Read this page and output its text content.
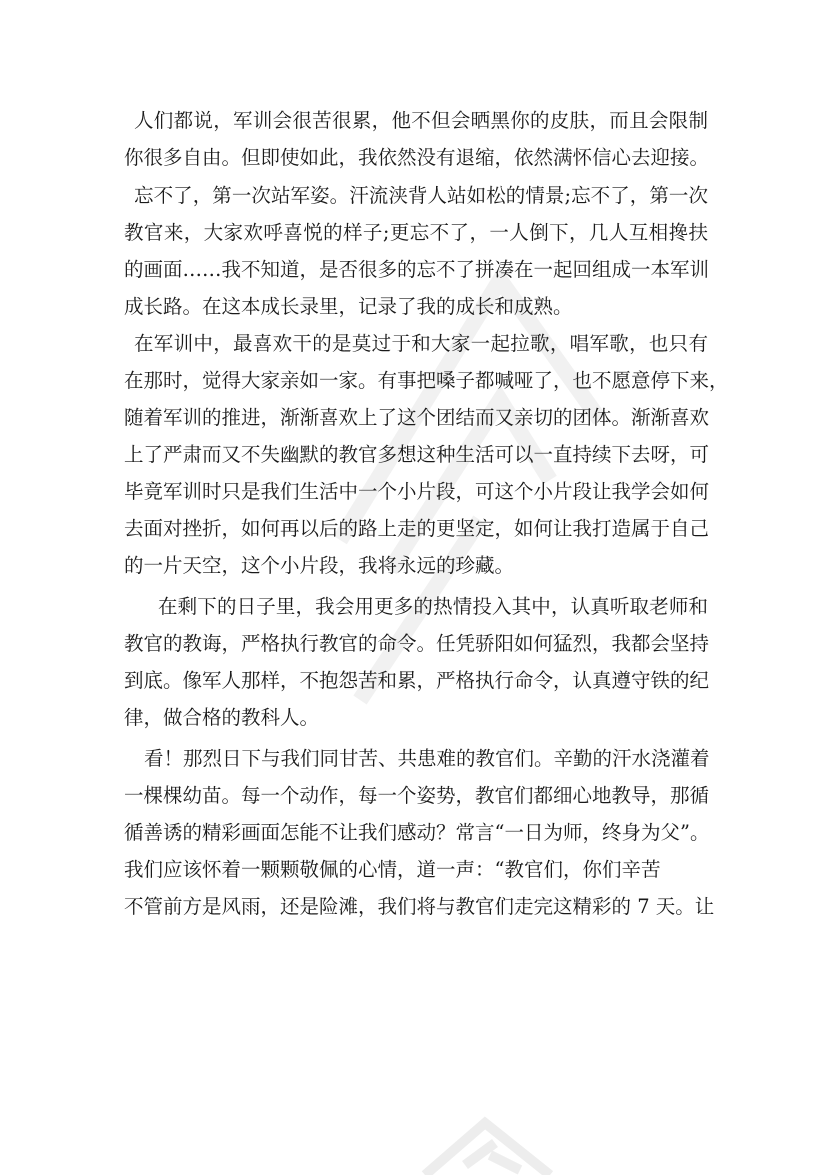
人们都说，军训会很苦很累，他不但会晒黑你的皮肤，而且会限制
你很多自由。但即使如此，我依然没有退缩，依然满怀信心去迎接。
忘不了，第一次站军姿。汗流浃背人站如松的情景;忘不了，第一次
教官来，大家欢呼喜悦的样子;更忘不了，一人倒下，几人互相搀扶
的画面……我不知道，是否很多的忘不了拼凑在一起回组成一本军训
成长路。在这本成长录里，记录了我的成长和成熟。
在军训中，最喜欢干的是莫过于和大家一起拉歌，唱军歌，也只有
在那时，觉得大家亲如一家。有事把嗓子都喊哑了，也不愿意停下来，
随着军训的推进，渐渐喜欢上了这个团结而又亲切的团体。渐渐喜欢
上了严肃而又不失幽默的教官多想这种生活可以一直持续下去呀，可
毕竟军训时只是我们生活中一个小片段，可这个小片段让我学会如何
去面对挫折，如何再以后的路上走的更坚定，如何让我打造属于自己
的一片天空，这个小片段，我将永远的珍藏。
在剩下的日子里，我会用更多的热情投入其中，认真听取老师和
教官的教诲，严格执行教官的命令。任凭骄阳如何猛烈，我都会坚持
到底。像军人那样，不抱怨苦和累，严格执行命令，认真遵守铁的纪
律，做合格的教科人。
看！那烈日下与我们同甘苦、共患难的教官们。辛勤的汗水浇灌着
一棵棵幼苗。每一个动作，每一个姿势，教官们都细心地教导，那循
循善诱的精彩画面怎能不让我们感动？常言“一日为师，终身为父”。
我们应该怀着一颗颗敬佩的心情，道一声：“教官们，你们辛苦
不管前方是风雨，还是险滩，我们将与教官们走完这精彩的 7 天。让
